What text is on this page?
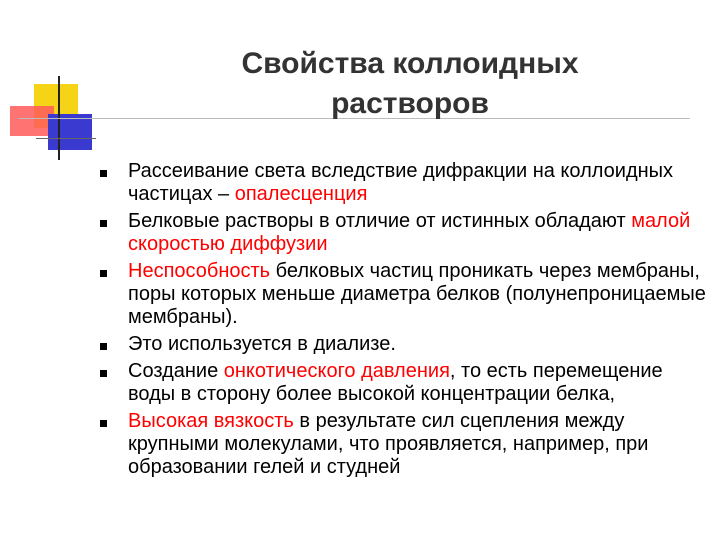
Свойства коллоидных
растворов
Рассеивание света вследствие дифракции на коллоидных частицах – опалесценция
Белковые растворы в отличие от истинных обладают малой скоростью диффузии
Неспособность белковых частиц проникать через мембраны, поры которых меньше диаметра белков (полунепроницаемые мембраны).
Это используется в диализе.
Создание онкотического давления, то есть перемещение воды в сторону более высокой концентрации белка,
Высокая вязкость в результате сил сцепления между крупными молекулами, что проявляется, например, при образовании гелей и студней
